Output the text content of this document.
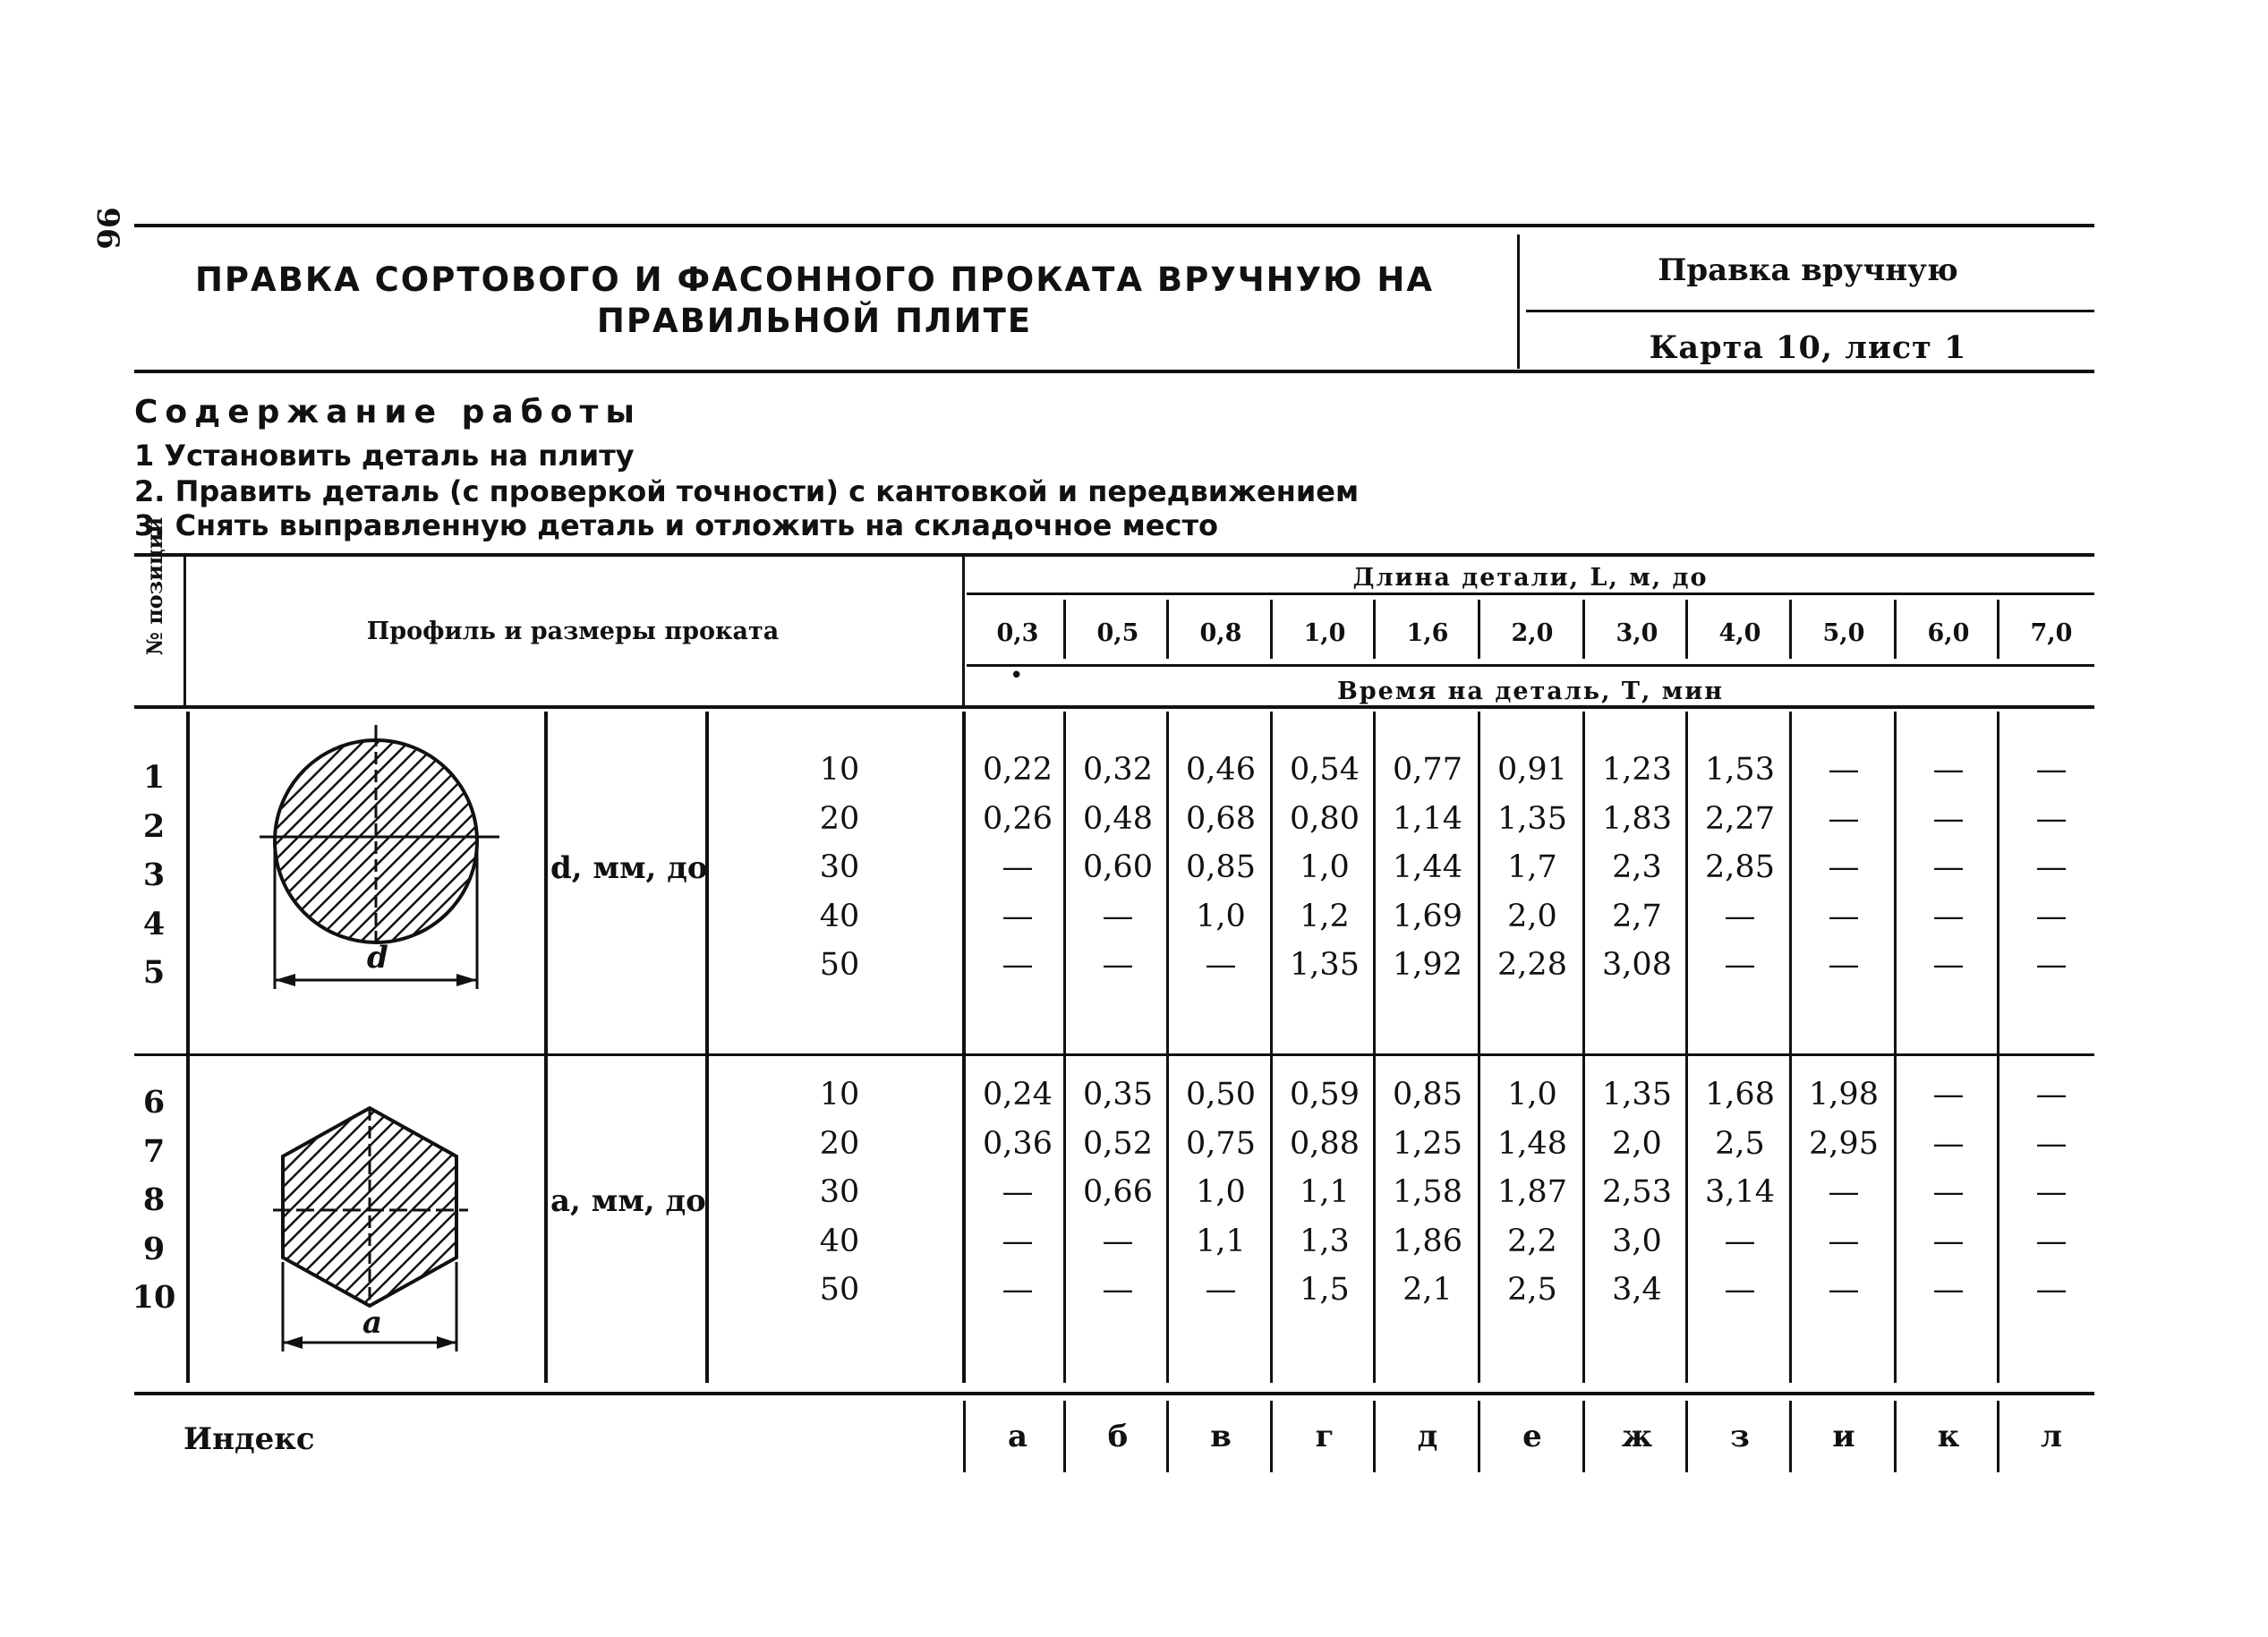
96
ПРАВКА СОРТОВОГО И ФАСОННОГО ПРОКАТА ВРУЧНУЮ НА ПРАВИЛЬНОЙ ПЛИТЕ
Правка вручную
Карта 10, лист 1
Содержание работы
1 Установить деталь на плиту
2. Править деталь (с проверкой точности) с кантовкой и передвижением
3. Снять выправленную деталь и отложить на складочное место
№ позиции	Профиль и размеры проката
Длина детали, L, м, до
•
Время на деталь, Т, мин
d
a
d, мм, до
a, мм, до
Индекс
0,3	0,5	0,8	1,0	1,6	2,0	3,0	4,0	5,0	6,0	7,0
1	10	0,22 0,32	0,46	0,54	0,77	0,91	1,23	1,53	—	—	—
2	20	0,26 0,48	0,68	0,80	1,14	1,35	1,83	2,27	—	—	—
3	30	—	0,60	0,85	1,0	1,44	1,7	2,3	2,85	—	—	—
4	40	—	—	1,0	1,2	1,69	2,0	2,7	—	—	—	—
5	50	—	—	—	1,35	1,92	2,28	3,08	—	—	—	—
6	10	0,24 0,35	0,50	0,59	0,85	1,0	1,35	1,68	1,98	—	—
7	20	0,36 0,52	0,75	0,88	1,25	1,48	2,0	2,5	2,95	—	—
8	30	—	0,66	1,0	1,1	1,58	1,87	2,53	3,14	—	—	—
9	40	—	—	1,1	1,3	1,86	2,2	3,0	—	—	—	—
10	50	—	—	—	1,5	2,1	2,5	3,4	—	—	—	—
а	б	в	г	д	е	ж	з	и	к	л
